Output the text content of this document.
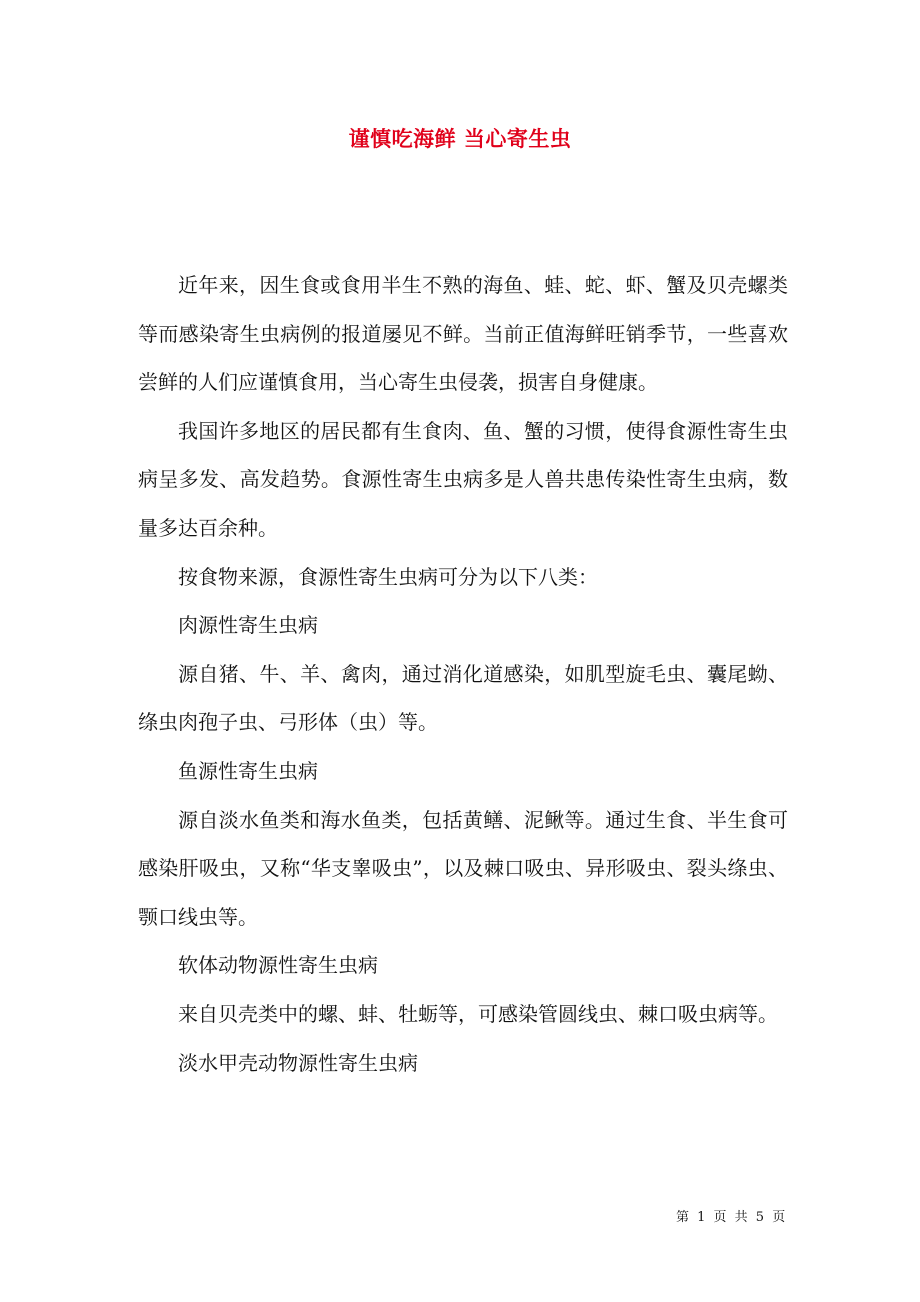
谨慎吃海鲜 当心寄生虫

近年来，因生食或食用半生不熟的海鱼、蛙、蛇、虾、蟹及贝壳螺类等而感染寄生虫病例的报道屡见不鲜。当前正值海鲜旺销季节，一些喜欢尝鲜的人们应谨慎食用，当心寄生虫侵袭，损害自身健康。

我国许多地区的居民都有生食肉、鱼、蟹的习惯，使得食源性寄生虫病呈多发、高发趋势。食源性寄生虫病多是人兽共患传染性寄生虫病，数量多达百余种。

按食物来源，食源性寄生虫病可分为以下八类：

肉源性寄生虫病

源自猪、牛、羊、禽肉，通过消化道感染，如肌型旋毛虫、囊尾蚴、绦虫肉孢子虫、弓形体（虫）等。

鱼源性寄生虫病

源自淡水鱼类和海水鱼类，包括黄鳝、泥鳅等。通过生食、半生食可感染肝吸虫，又称“华支睾吸虫”，以及棘口吸虫、异形吸虫、裂头绦虫、颚口线虫等。

软体动物源性寄生虫病

来自贝壳类中的螺、蚌、牡蛎等，可感染管圆线虫、棘口吸虫病等。

淡水甲壳动物源性寄生虫病

第 1 页 共 5 页
